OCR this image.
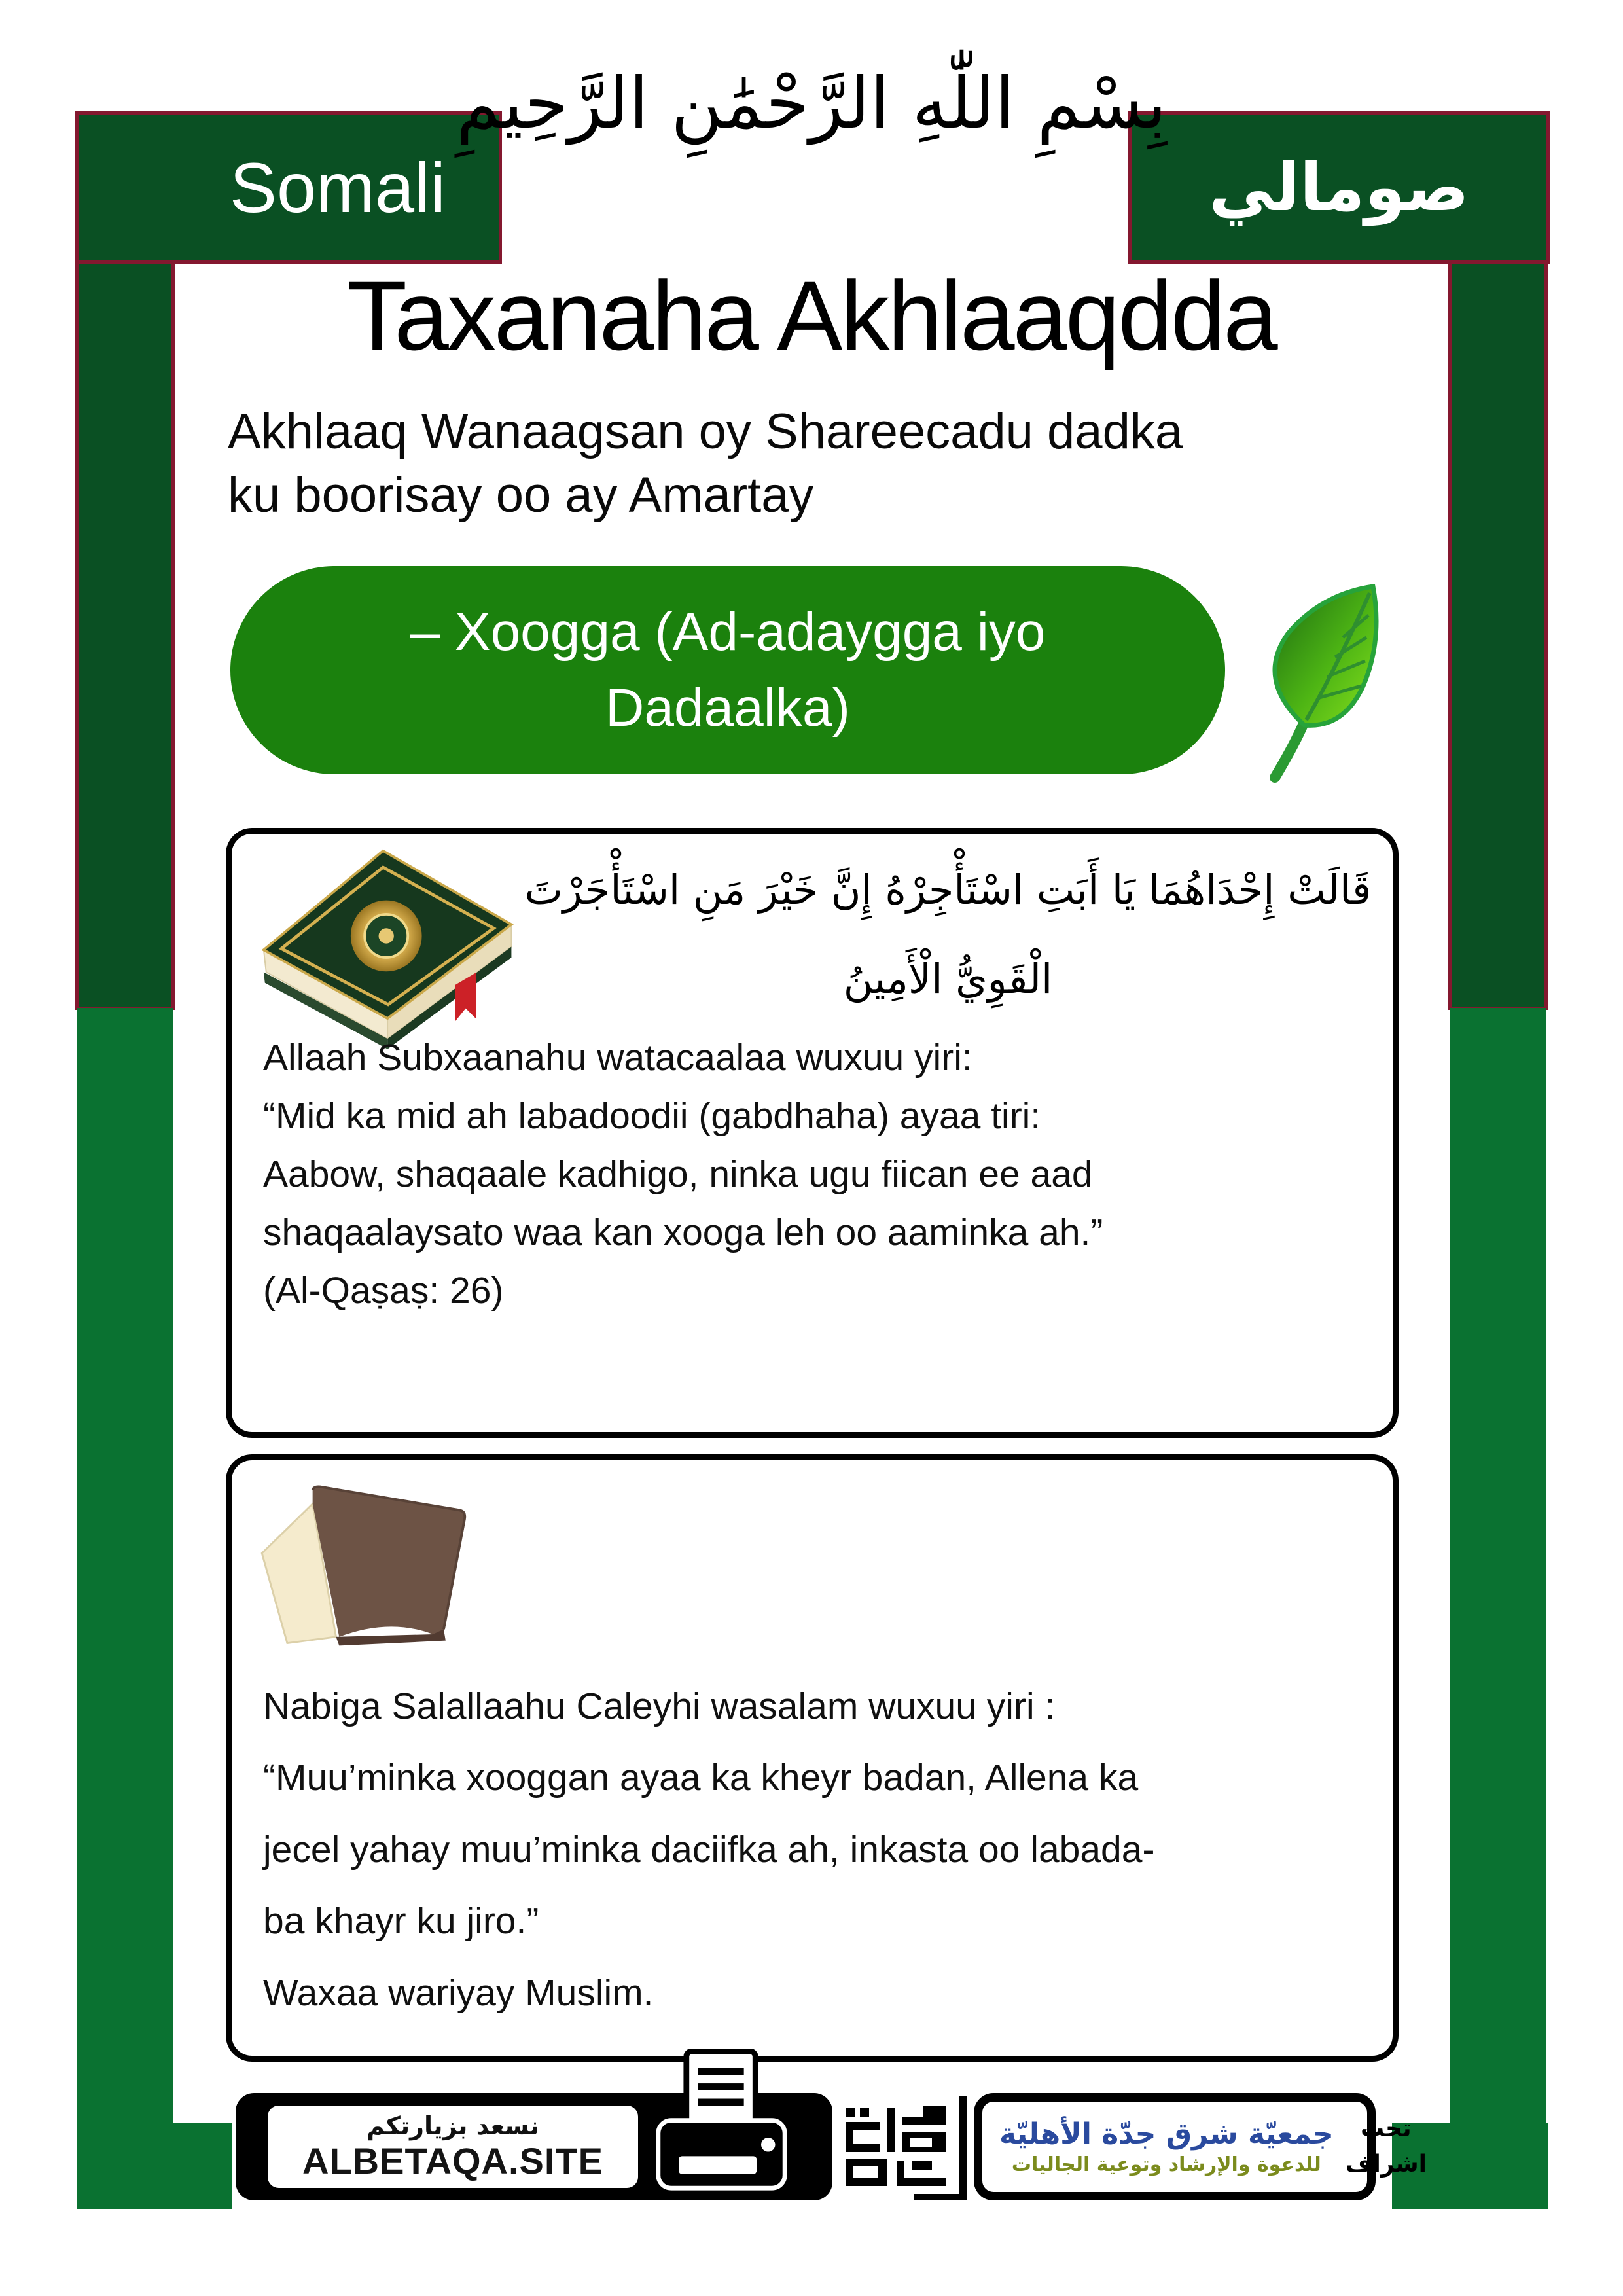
Somali	صومالي
بِسْمِ اللّٰهِ الرَّحْمَٰنِ الرَّحِيمِ
Taxanaha Akhlaaqdda
Akhlaaq Wanaagsan oy Shareecadu dadka
ku boorisay oo ay Amartay
– Xoogga (Ad-adaygga iyo
Dadaalka)
قَالَتْ إِحْدَاهُمَا يَا أَبَتِ اسْتَأْجِرْهُ إِنَّ خَيْرَ مَنِ اسْتَأْجَرْتَ
الْقَوِيُّ الْأَمِينُ
Allaah Subxaanahu watacaalaa wuxuu yiri:
“Mid ka mid ah labadoodii (gabdhaha) ayaa tiri:
Aabow, shaqaale kadhigo, ninka ugu fiican ee aad
shaqaalaysato waa kan xooga leh oo aaminka ah.”
(Al-Qaṣaṣ: 26)
Nabiga Salallaahu Caleyhi wasalam wuxuu yiri :
“Muu’minka xooggan ayaa ka kheyr badan, Allena ka
jecel yahay muu’minka daciifka ah, inkasta oo labada-
ba khayr ku jiro.”
Waxaa wariyay Muslim.
نسعد بزيارتكم
ALBETAQA.SITE
جمعيّة شرق جدّة الأهليّة
للدعوة والإرشاد وتوعية الجاليات
تحت
اشراف
